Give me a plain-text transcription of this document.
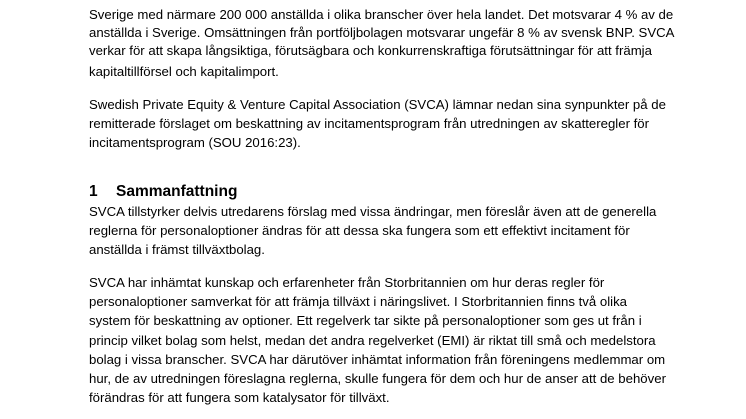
Sverige med närmare 200 000 anställda i olika branscher över hela landet. Det motsvarar 4 % av de
anställda i Sverige. Omsättningen från portföljbolagen motsvarar ungefär 8 % av svensk BNP. SVCA
verkar för att skapa långsiktiga, förutsägbara och konkurrenskraftiga förutsättningar för att främja
kapitaltillförsel och kapitalimport.
Swedish Private Equity & Venture Capital Association (SVCA) lämnar nedan sina synpunkter på de
remitterade förslaget om beskattning av incitamentsprogram från utredningen av skatteregler för
incitamentsprogram (SOU 2016:23).
1 Sammanfattning
SVCA tillstyrker delvis utredarens förslag med vissa ändringar, men föreslår även att de generella
reglerna för personaloptioner ändras för att dessa ska fungera som ett effektivt incitament för
anställda i främst tillväxtbolag.
SVCA har inhämtat kunskap och erfarenheter från Storbritannien om hur deras regler för
personaloptioner samverkat för att främja tillväxt i näringslivet. I Storbritannien finns två olika
system för beskattning av optioner. Ett regelverk tar sikte på personaloptioner som ges ut från i
princip vilket bolag som helst, medan det andra regelverket (EMI) är riktat till små och medelstora
bolag i vissa branscher. SVCA har därutöver inhämtat information från föreningens medlemmar om
hur, de av utredningen föreslagna reglerna, skulle fungera för dem och hur de anser att de behöver
förändras för att fungera som katalysator för tillväxt.
